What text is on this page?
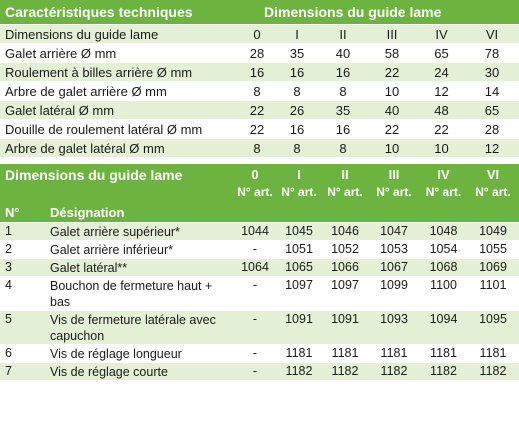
Caractéristiques techniques	Dimensions du guide lame					
Dimensions du guide lame	0	I	II	III	IV	VI
Galet arrière Ø mm	28	35	40	58	65	78
Roulement à billes arrière Ø mm	16	16	16	22	24	30
Arbre de galet arrière Ø mm	8	8	8	10	12	14
Galet latéral Ø mm	22	26	35	40	48	65
Douille de roulement latéral Ø mm	22	16	16	22	22	28
Arbre de galet latéral Ø mm	8	8	8	10	10	12
Dimensions du guide lame		0	I	II	III	IV	VI
		N° art.	N° art.	N° art.	N° art.	N° art.	N° art.
N°	Désignation						
1	Galet arrière supérieur*	1044	1045	1046	1047	1048	1049
2	Galet arrière inférieur*	-	1051	1052	1053	1054	1055
3	Galet latéral**	1064	1065	1066	1067	1068	1069
4	Bouchon de fermeture haut + bas	-	1097	1097	1099	1100	1101
5	Vis de fermeture latérale avec capuchon	-	1091	1091	1093	1094	1095
6	Vis de réglage longueur	-	1181	1181	1181	1181	1181
7	Vis de réglage courte	-	1182	1182	1182	1182	1182
